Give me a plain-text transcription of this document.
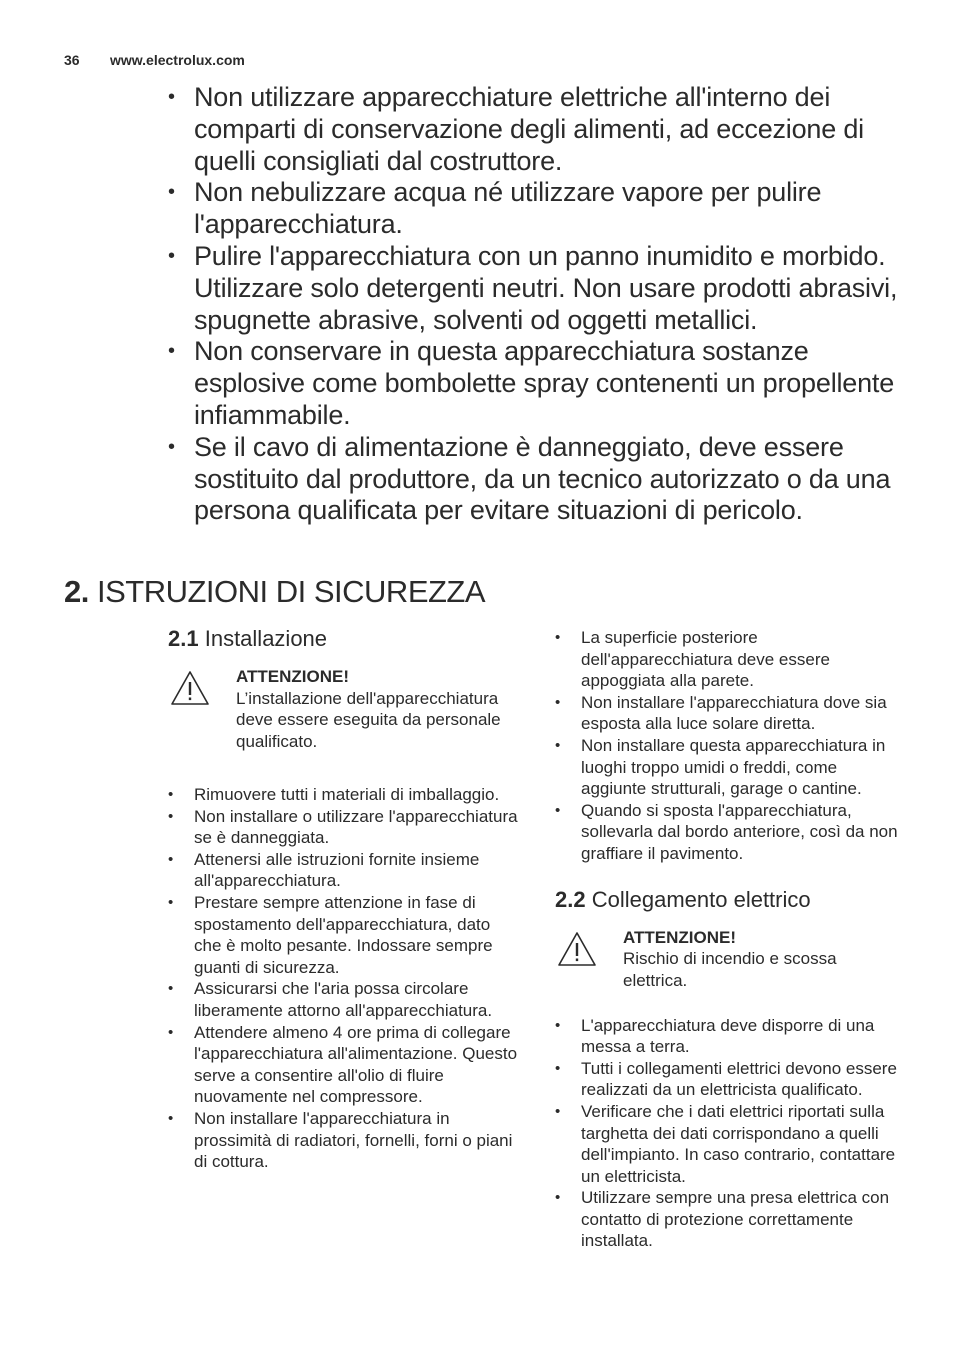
36 www.electrolux.com
• Non utilizzare apparecchiature elettriche all'interno dei comparti di conservazione degli alimenti, ad eccezione di quelli consigliati dal costruttore.
• Non nebulizzare acqua né utilizzare vapore per pulire l'apparecchiatura.
• Pulire l'apparecchiatura con un panno inumidito e morbido. Utilizzare solo detergenti neutri. Non usare prodotti abrasivi, spugnette abrasive, solventi od oggetti metallici.
• Non conservare in questa apparecchiatura sostanze esplosive come bombolette spray contenenti un propellente infiammabile.
• Se il cavo di alimentazione è danneggiato, deve essere sostituito dal produttore, da un tecnico autorizzato o da una persona qualificata per evitare situazioni di pericolo.
2. ISTRUZIONI DI SICUREZZA
2.1 Installazione
ATTENZIONE!
L’installazione dell'apparecchiatura deve essere eseguita da personale qualificato.
• Rimuovere tutti i materiali di imballaggio.
• Non installare o utilizzare l'apparecchiatura se è danneggiata.
• Attenersi alle istruzioni fornite insieme all'apparecchiatura.
• Prestare sempre attenzione in fase di spostamento dell'apparecchiatura, dato che è molto pesante. Indossare sempre guanti di sicurezza.
• Assicurarsi che l'aria possa circolare liberamente attorno all'apparecchiatura.
• Attendere almeno 4 ore prima di collegare l'apparecchiatura all'alimentazione. Questo serve a consentire all'olio di fluire nuovamente nel compressore.
• Non installare l'apparecchiatura in prossimità di radiatori, fornelli, forni o piani di cottura.
• La superficie posteriore dell'apparecchiatura deve essere appoggiata alla parete.
• Non installare l'apparecchiatura dove sia esposta alla luce solare diretta.
• Non installare questa apparecchiatura in luoghi troppo umidi o freddi, come aggiunte strutturali, garage o cantine.
• Quando si sposta l'apparecchiatura, sollevarla dal bordo anteriore, così da non graffiare il pavimento.
2.2 Collegamento elettrico
ATTENZIONE!
Rischio di incendio e scossa elettrica.
• L'apparecchiatura deve disporre di una messa a terra.
• Tutti i collegamenti elettrici devono essere realizzati da un elettricista qualificato.
• Verificare che i dati elettrici riportati sulla targhetta dei dati corrispondano a quelli dell'impianto. In caso contrario, contattare un elettricista.
• Utilizzare sempre una presa elettrica con contatto di protezione correttamente installata.
